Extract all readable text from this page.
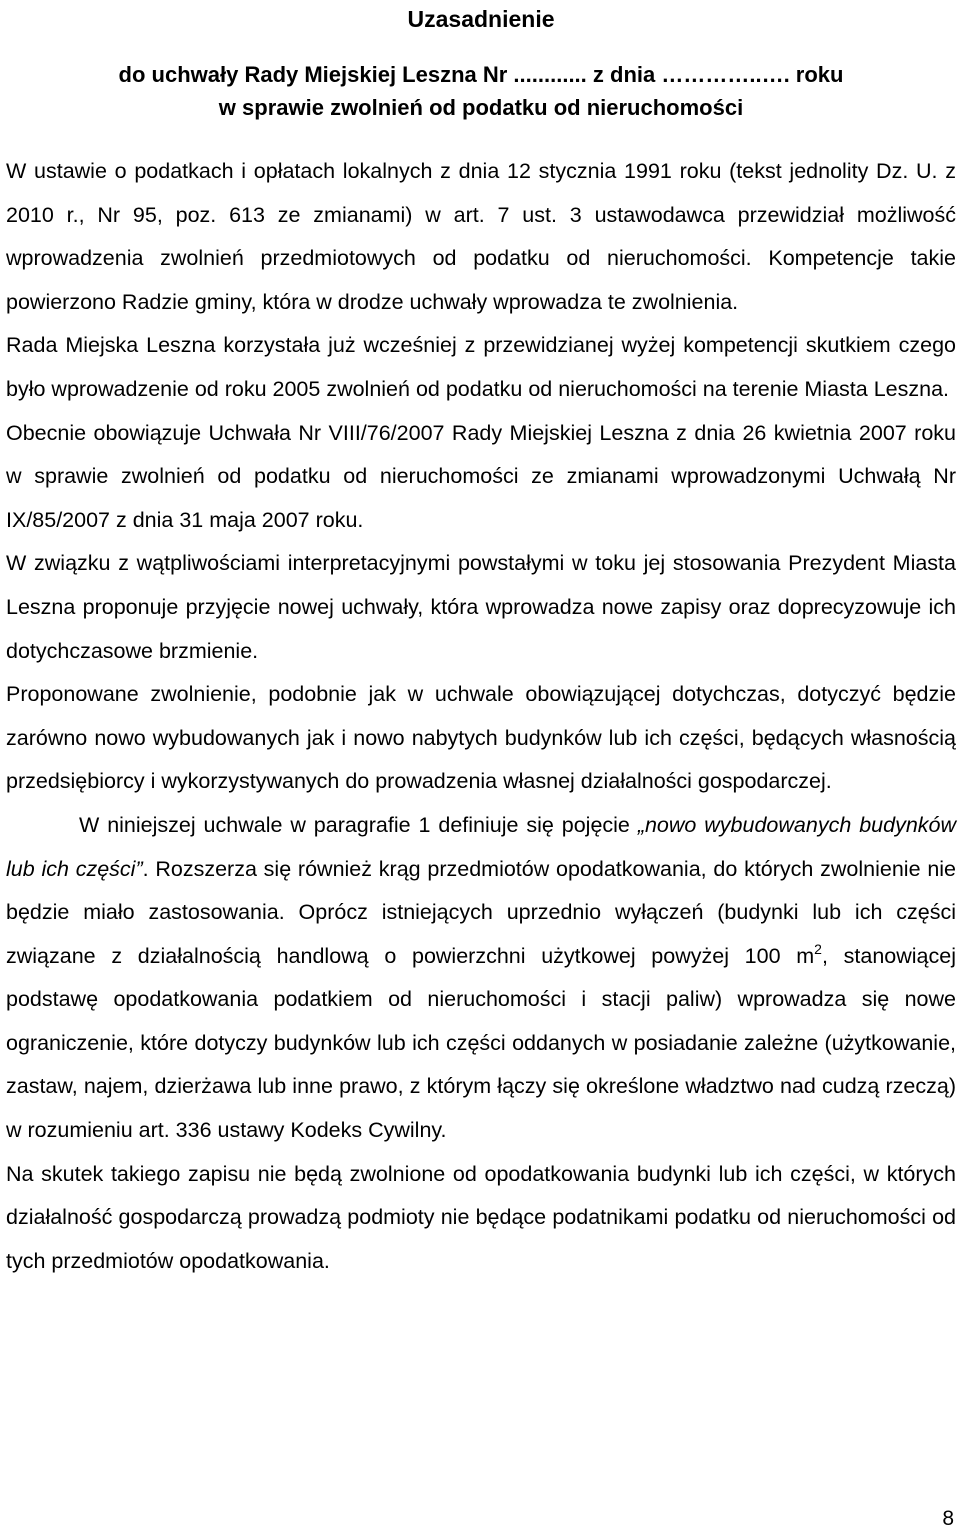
Uzasadnienie

do uchwały Rady Miejskiej Leszna Nr ............ z dnia …………..…. roku

w sprawie zwolnień od podatku od nieruchomości

W ustawie o podatkach i opłatach lokalnych z dnia 12 stycznia 1991 roku (tekst jednolity Dz. U. z 2010 r., Nr 95, poz. 613 ze zmianami) w art. 7 ust. 3 ustawodawca przewidział możliwość wprowadzenia zwolnień przedmiotowych od podatku od nieruchomości. Kompetencje takie powierzono Radzie gminy, która w drodze uchwały wprowadza te zwolnienia.

Rada Miejska Leszna korzystała już wcześniej z przewidzianej wyżej kompetencji skutkiem czego było wprowadzenie od roku 2005 zwolnień od podatku od nieruchomości na terenie Miasta Leszna.

Obecnie obowiązuje Uchwała Nr VIII/76/2007 Rady Miejskiej Leszna z dnia 26 kwietnia 2007 roku w sprawie zwolnień od podatku od nieruchomości ze zmianami wprowadzonymi Uchwałą Nr IX/85/2007 z dnia 31 maja 2007 roku.

W związku z wątpliwościami interpretacyjnymi powstałymi w toku jej stosowania Prezydent Miasta Leszna proponuje przyjęcie nowej uchwały, która wprowadza nowe zapisy oraz doprecyzowuje ich dotychczasowe brzmienie.

Proponowane zwolnienie, podobnie jak w uchwale obowiązującej dotychczas, dotyczyć będzie zarówno nowo wybudowanych jak i nowo nabytych budynków lub ich części, będących własnością przedsiębiorcy i wykorzystywanych do prowadzenia własnej działalności gospodarczej.

W niniejszej uchwale w paragrafie 1 definiuje się pojęcie „nowo wybudowanych budynków lub ich części”. Rozszerza się również krąg przedmiotów opodatkowania, do których zwolnienie nie będzie miało zastosowania. Oprócz istniejących uprzednio wyłączeń (budynki lub ich części związane z działalnością handlową o powierzchni użytkowej powyżej 100 $m^2$, stanowiącej podstawę opodatkowania podatkiem od nieruchomości i stacji paliw) wprowadza się nowe ograniczenie, które dotyczy budynków lub ich części oddanych w posiadanie zależne (użytkowanie, zastaw, najem, dzierżawa lub inne prawo, z którym łączy się określone władztwo nad cudzą rzeczą) w rozumieniu art. 336 ustawy Kodeks Cywilny.

Na skutek takiego zapisu nie będą zwolnione od opodatkowania budynki lub ich części, w których działalność gospodarczą prowadzą podmioty nie będące podatnikami podatku od nieruchomości od tych przedmiotów opodatkowania.

8
